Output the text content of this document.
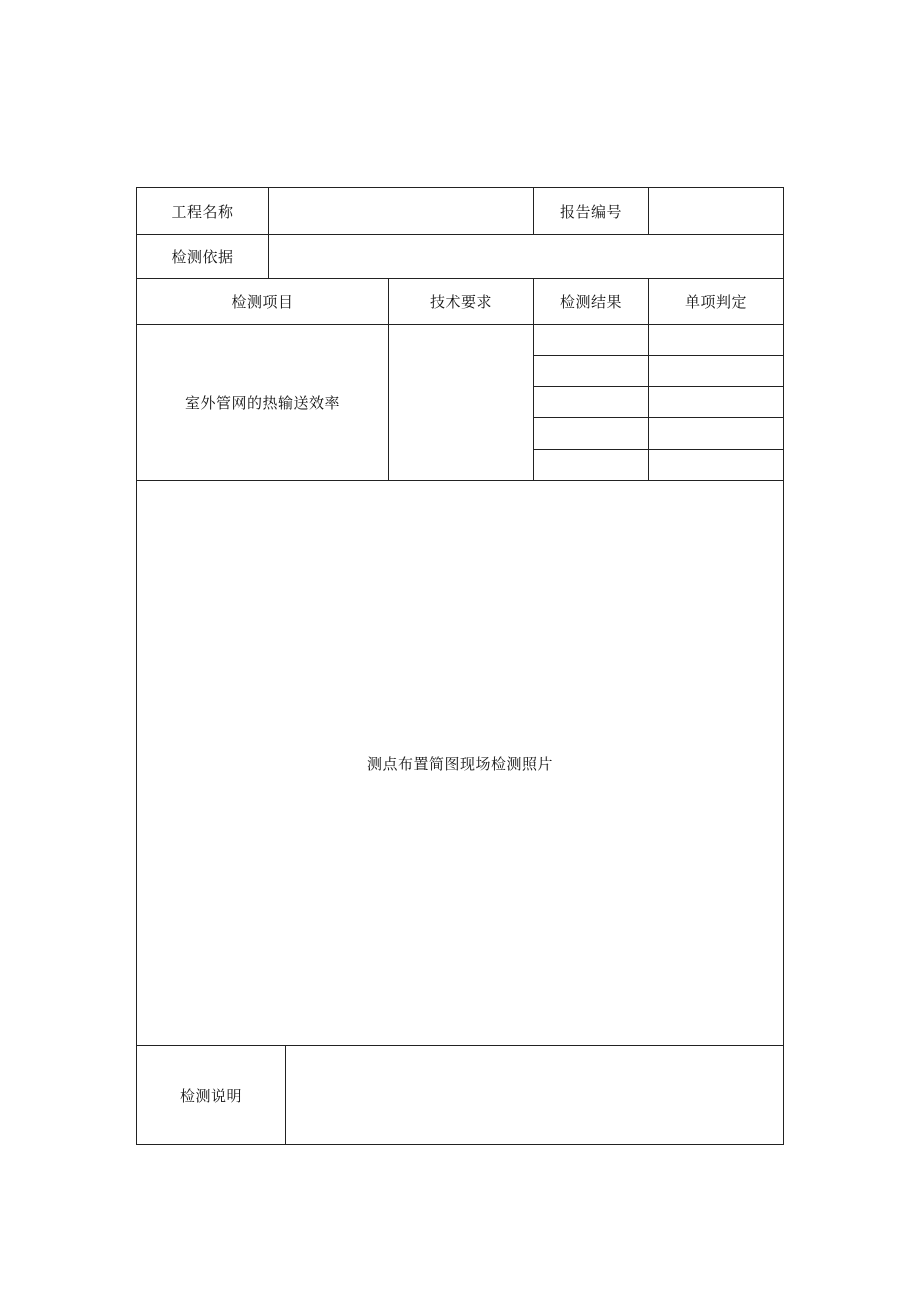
工程名称	报告编号
检测依据
检测项目	技术要求	检测结果	单项判定
室外管网的热输送效率
测点布置简图现场检测照片
检测说明
